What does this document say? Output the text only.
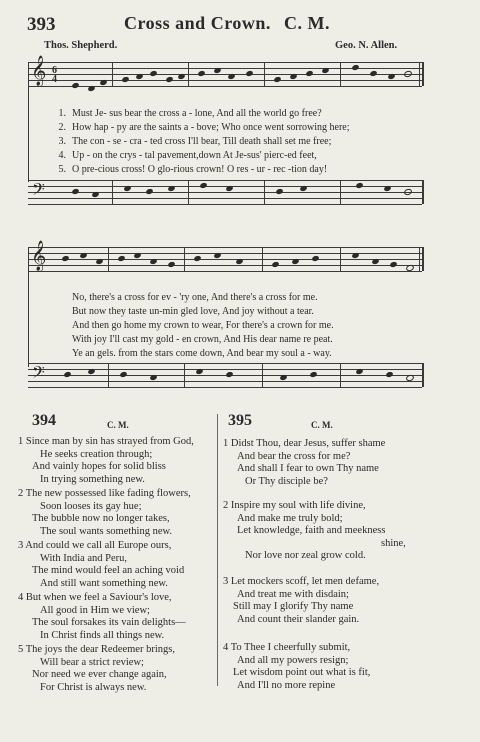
393	Cross and Crown. C. M.
Thos. Shepherd.	Geo. N. Allen.
𝄞 6
4
1. Must Je- sus bear the cross a - lone, And all the world go free?
2. How hap - py are the saints a - bove; Who once went sorrowing here;
3. The con - se - cra - ted cross I'll bear, Till death shall set me free;
4. Up - on the crys - tal pavement,down At Je-sus' pierc-ed feet,
5. O pre-cious cross! O glo-rious crown! O res - ur - rec -tion day!
𝄢
𝄞
No, there's a cross for ev - 'ry one, And there's a cross for me.
But now they taste un-min gled love, And joy without a tear.
And then go home my crown to wear, For there's a crown for me.
With joy I'll cast my gold - en crown, And His dear name re peat.
Ye an gels. from the stars come down, And bear my soul a - way.
𝄢
394	C. M.
1 Since man by sin has strayed from God,
He seeks creation through;
And vainly hopes for solid bliss
In trying something new.
2 The new possessed like fading flowers,
Soon looses its gay hue;
The bubble now no longer takes,
The soul wants something new.
3 And could we call all Europe ours,
With India and Peru,
The mind would feel an aching void
And still want something new.
4 But when we feel a Saviour's love,
All good in Him we view;
The soul forsakes its vain delights—
In Christ finds all things new.
5 The joys the dear Redeemer brings,
Will bear a strict review;
Nor need we ever change again,
For Christ is always new.
395	C. M.
1 Didst Thou, dear Jesus, suffer shame
And bear the cross for me?
And shall I fear to own Thy name
Or Thy disciple be?
2 Inspire my soul with life divine,
And make me truly bold;
Let knowledge, faith and meekness
shine,
Nor love nor zeal grow cold.
3 Let mockers scoff, let men defame,
And treat me with disdain;
Still may I glorify Thy name
And count their slander gain.
4 To Thee I cheerfully submit,
And all my powers resign;
Let wisdom point out what is fit,
And I'll no more repine
